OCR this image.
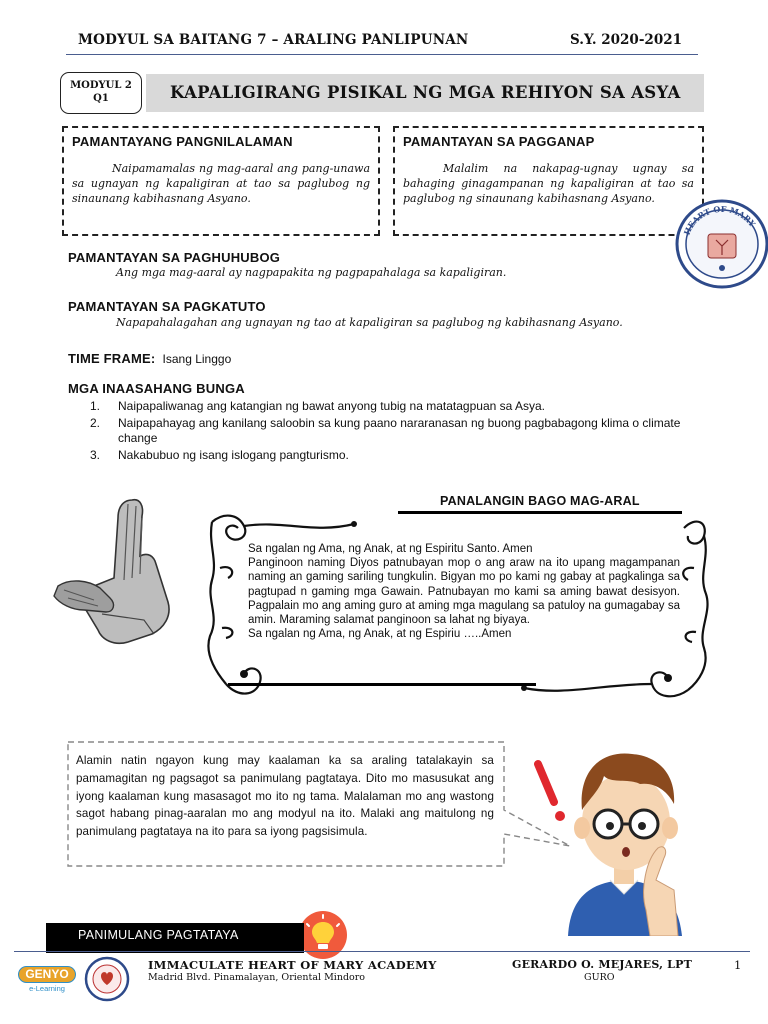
MODYUL SA BAITANG 7 – ARALING PANLIPUNAN	S.Y. 2020-2021
MODYUL 2
Q1	KAPALIGIRANG PISIKAL NG MGA REHIYON SA ASYA
PAMANTAYANG PANGNILALAMAN
Naipamamalas ng mag-aaral ang pang-unawa sa ugnayan ng kapaligiran at tao sa paglubog ng sinaunang kabihasnang Asyano.
PAMANTAYAN SA PAGGANAP
Malalim na nakapag-ugnay ugnay sa bahaging ginagampanan ng kapaligiran at tao sa paglubog ng sinaunang kabihasnang Asyano.
HEART OF MARY
PAMANTAYAN SA PAGHUHUBOG
Ang mga mag-aaral ay nagpapakita ng pagpapahalaga sa kapaligiran.
PAMANTAYAN SA PAGKATUTO
Napapahalagahan ang ugnayan ng tao at kapaligiran sa paglubog ng kabihasnang Asyano.
TIME FRAME: Isang Linggo
MGA INAASAHANG BUNGA
1. Naipapaliwanag ang katangian ng bawat anyong tubig na matatagpuan sa Asya.
2. Naipapahayag ang kanilang saloobin sa kung paano nararanasan ng buong pagbabagong klima o climate change
3. Nakabubuo ng isang islogang pangturismo.
PANALANGIN BAGO MAG-ARAL
Sa ngalan ng Ama, ng Anak, at ng Espiritu Santo. Amen
Panginoon naming Diyos patnubayan mop o ang araw na ito upang magampanan naming an gaming sariling tungkulin. Bigyan mo po kami ng gabay at pagkalinga sa pagtupad n gaming mga Gawain. Patnubayan mo kami sa aming bawat desisyon. Pagpalain mo ang aming guro at aming mga magulang sa patuloy na gumagabay sa amin. Maraming salamat panginoon sa lahat ng biyaya.
Sa ngalan ng Ama, ng Anak, at ng Espiriu …..Amen
Alamin natin ngayon kung may kaalaman ka sa araling tatalakayin sa pamamagitan ng pagsagot sa panimulang pagtataya. Dito mo masusukat ang iyong kaalaman kung masasagot mo ito ng tama. Malalaman mo ang wastong sagot habang pinag-aaralan mo ang modyul na ito. Malaki ang maitulong ng panimulang pagtataya na ito para sa iyong pagsisimula.
PANIMULANG PAGTATAYA
GENYO
e-Learning
IMMACULATE HEART OF MARY ACADEMY
Madrid Blvd. Pinamalayan, Oriental Mindoro
GERARDO O. MEJARES, LPT
GURO
1
